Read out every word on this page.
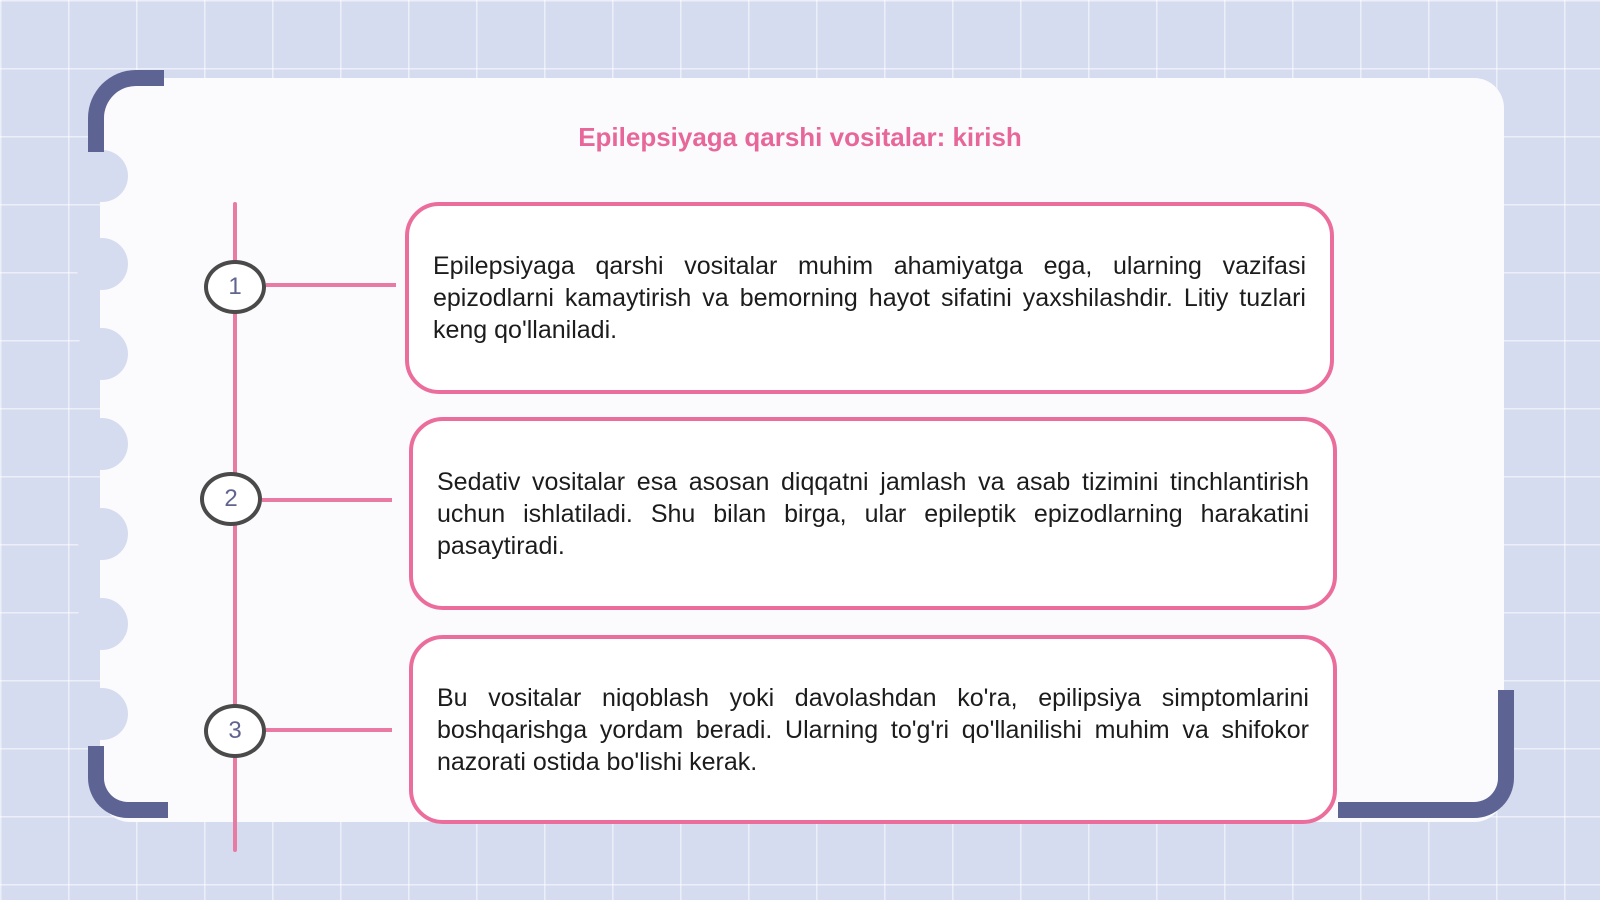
Epilepsiyaga qarshi vositalar: kirish
1

Epilepsiyaga qarshi vositalar muhim ahamiyatga ega, ularning vazifasi epizodlarni kamaytirish va bemorning hayot sifatini yaxshilashdir. Litiy tuzlari keng qo'llaniladi.

2

Sedativ vositalar esa asosan diqqatni jamlash va asab tizimini tinchlantirish uchun ishlatiladi. Shu bilan birga, ular epileptik epizodlarning harakatini pasaytiradi.

3

Bu vositalar niqoblash yoki davolashdan ko'ra, epilipsiya simptomlarini boshqarishga yordam beradi. Ularning to'g'ri qo'llanilishi muhim va shifokor nazorati ostida bo'lishi kerak.
